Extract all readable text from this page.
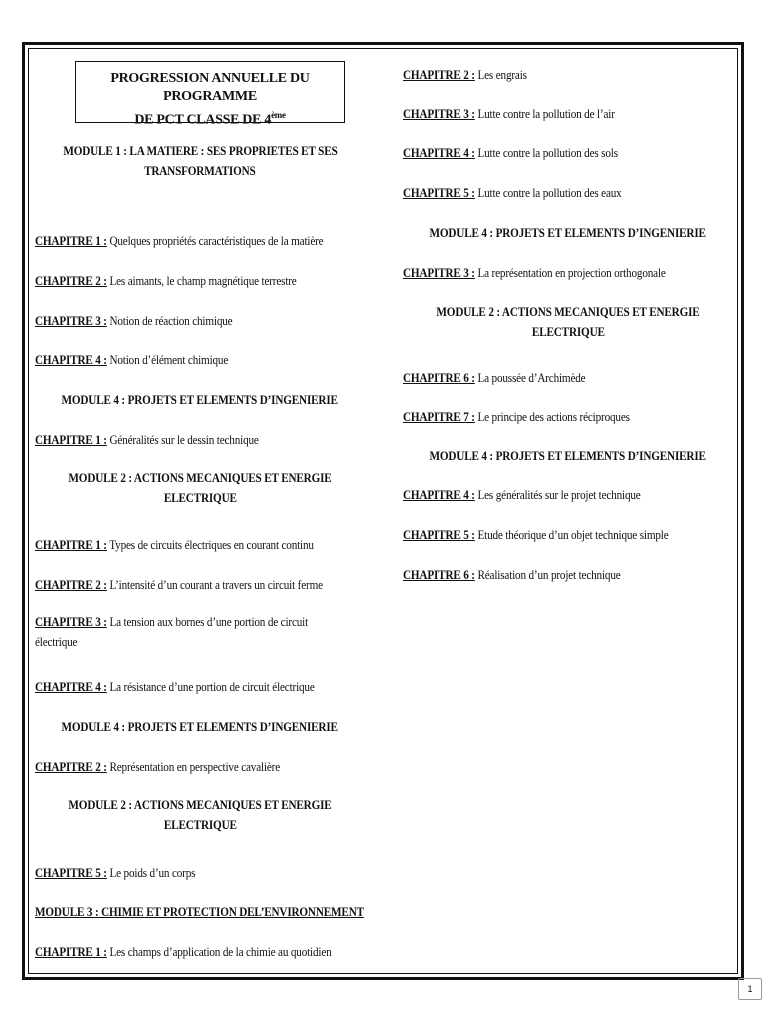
PROGRESSION ANNUELLE DU PROGRAMME
DE PCT CLASSE DE 4ème
MODULE 1 : LA MATIERE : SES PROPRIETES ET SES
TRANSFORMATIONS
CHAPITRE 1 : Quelques propriétés caractéristiques de la matière
CHAPITRE 2 : Les aimants, le champ magnétique terrestre
CHAPITRE 3 : Notion de réaction chimique
CHAPITRE 4 : Notion d’élément chimique
MODULE 4 : PROJETS ET ELEMENTS D’INGENIERIE
CHAPITRE 1 : Généralités sur le dessin technique
MODULE 2 : ACTIONS MECANIQUES ET ENERGIE
ELECTRIQUE
CHAPITRE 1 : Types de circuits électriques en courant continu
CHAPITRE 2 : L’intensité d’un courant a travers un circuit ferme
CHAPITRE 3 : La tension aux bornes d’une portion de circuit
électrique
CHAPITRE 4 : La résistance d’une portion de circuit électrique
MODULE 4 : PROJETS ET ELEMENTS D’INGENIERIE
CHAPITRE 2 : Représentation en perspective cavalière
MODULE 2 : ACTIONS MECANIQUES ET ENERGIE
ELECTRIQUE
CHAPITRE 5 : Le poids d’un corps
MODULE 3 : CHIMIE ET PROTECTION DEL’ENVIRONNEMENT
CHAPITRE 1 : Les champs d’application de la chimie au quotidien
CHAPITRE 2 : Les engrais
CHAPITRE 3 : Lutte contre la pollution de l’air
CHAPITRE 4 : Lutte contre la pollution des sols
CHAPITRE 5 : Lutte contre la pollution des eaux
MODULE 4 : PROJETS ET ELEMENTS D’INGENIERIE
CHAPITRE 3 : La représentation en projection orthogonale
MODULE 2 : ACTIONS MECANIQUES ET ENERGIE
ELECTRIQUE
CHAPITRE 6 : La poussée d’Archimède
CHAPITRE 7 : Le principe des actions réciproques
MODULE 4 : PROJETS ET ELEMENTS D’INGENIERIE
CHAPITRE 4 : Les généralités sur le projet technique
CHAPITRE 5 : Etude théorique d’un objet technique simple
CHAPITRE 6 : Réalisation d’un projet technique
1
